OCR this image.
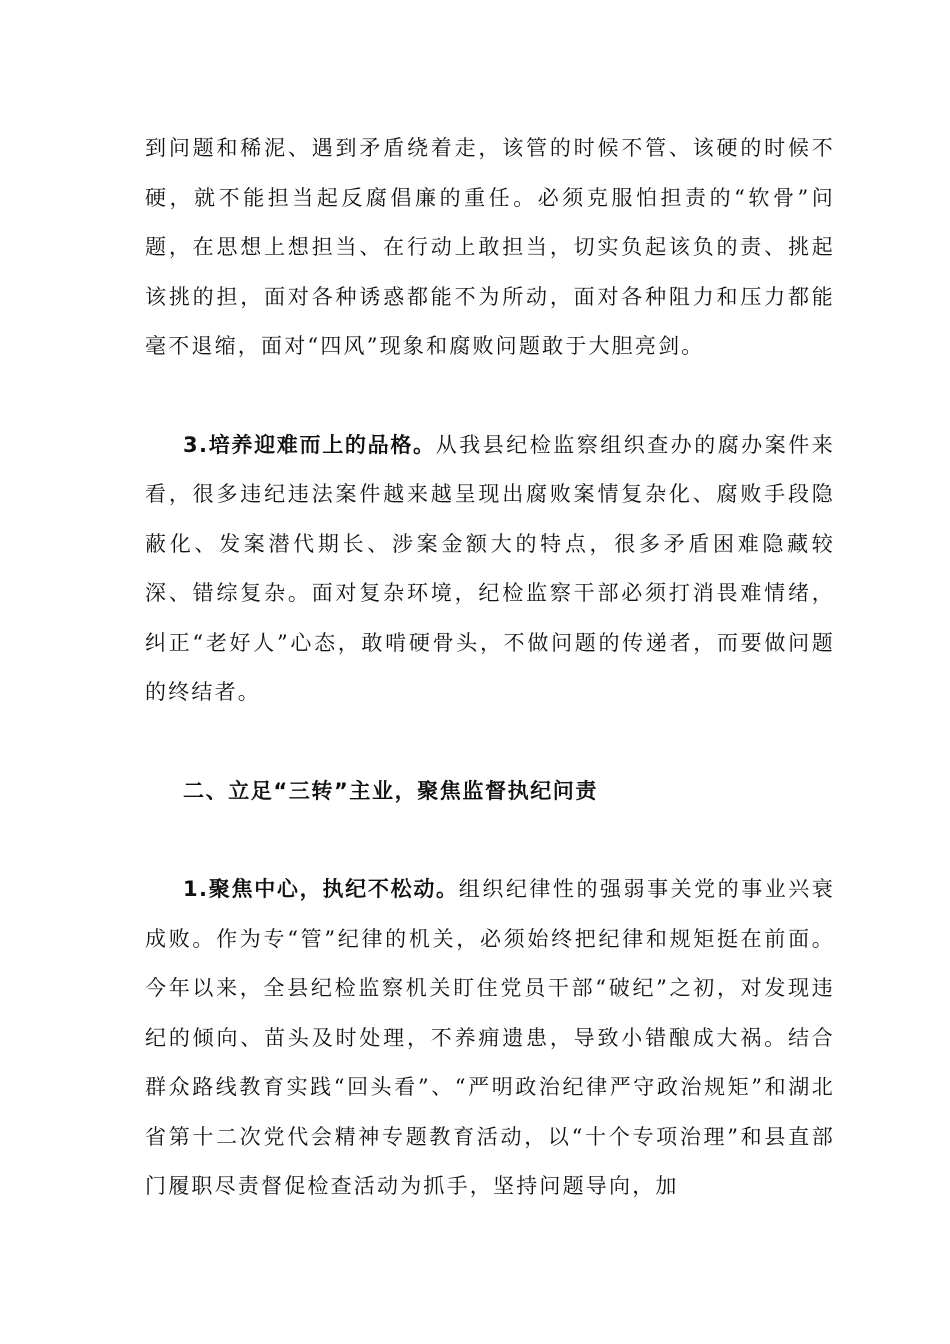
到问题和稀泥、遇到矛盾绕着走，该管的时候不管、该硬的时候不硬，就不能担当起反腐倡廉的重任。必须克服怕担责的“软骨”问题，在思想上想担当、在行动上敢担当，切实负起该负的责、挑起该挑的担，面对各种诱惑都能不为所动，面对各种阻力和压力都能毫不退缩，面对“四风”现象和腐败问题敢于大胆亮剑。

3.培养迎难而上的品格。从我县纪检监察组织查办的腐办案件来看，很多违纪违法案件越来越呈现出腐败案情复杂化、腐败手段隐蔽化、发案潜代期长、涉案金额大的特点，很多矛盾困难隐藏较深、错综复杂。面对复杂环境，纪检监察干部必须打消畏难情绪，纠正“老好人”心态，敢啃硬骨头，不做问题的传递者，而要做问题的终结者。

二、立足“三转”主业，聚焦监督执纪问责

1.聚焦中心，执纪不松动。组织纪律性的强弱事关党的事业兴衰成败。作为专“管”纪律的机关，必须始终把纪律和规矩挺在前面。今年以来，全县纪检监察机关盯住党员干部“破纪”之初，对发现违纪的倾向、苗头及时处理，不养痈遗患，导致小错酿成大祸。结合群众路线教育实践“回头看”、“严明政治纪律严守政治规矩”和湖北省第十二次党代会精神专题教育活动，以“十个专项治理”和县直部门履职尽责督促检查活动为抓手，坚持问题导向，加
